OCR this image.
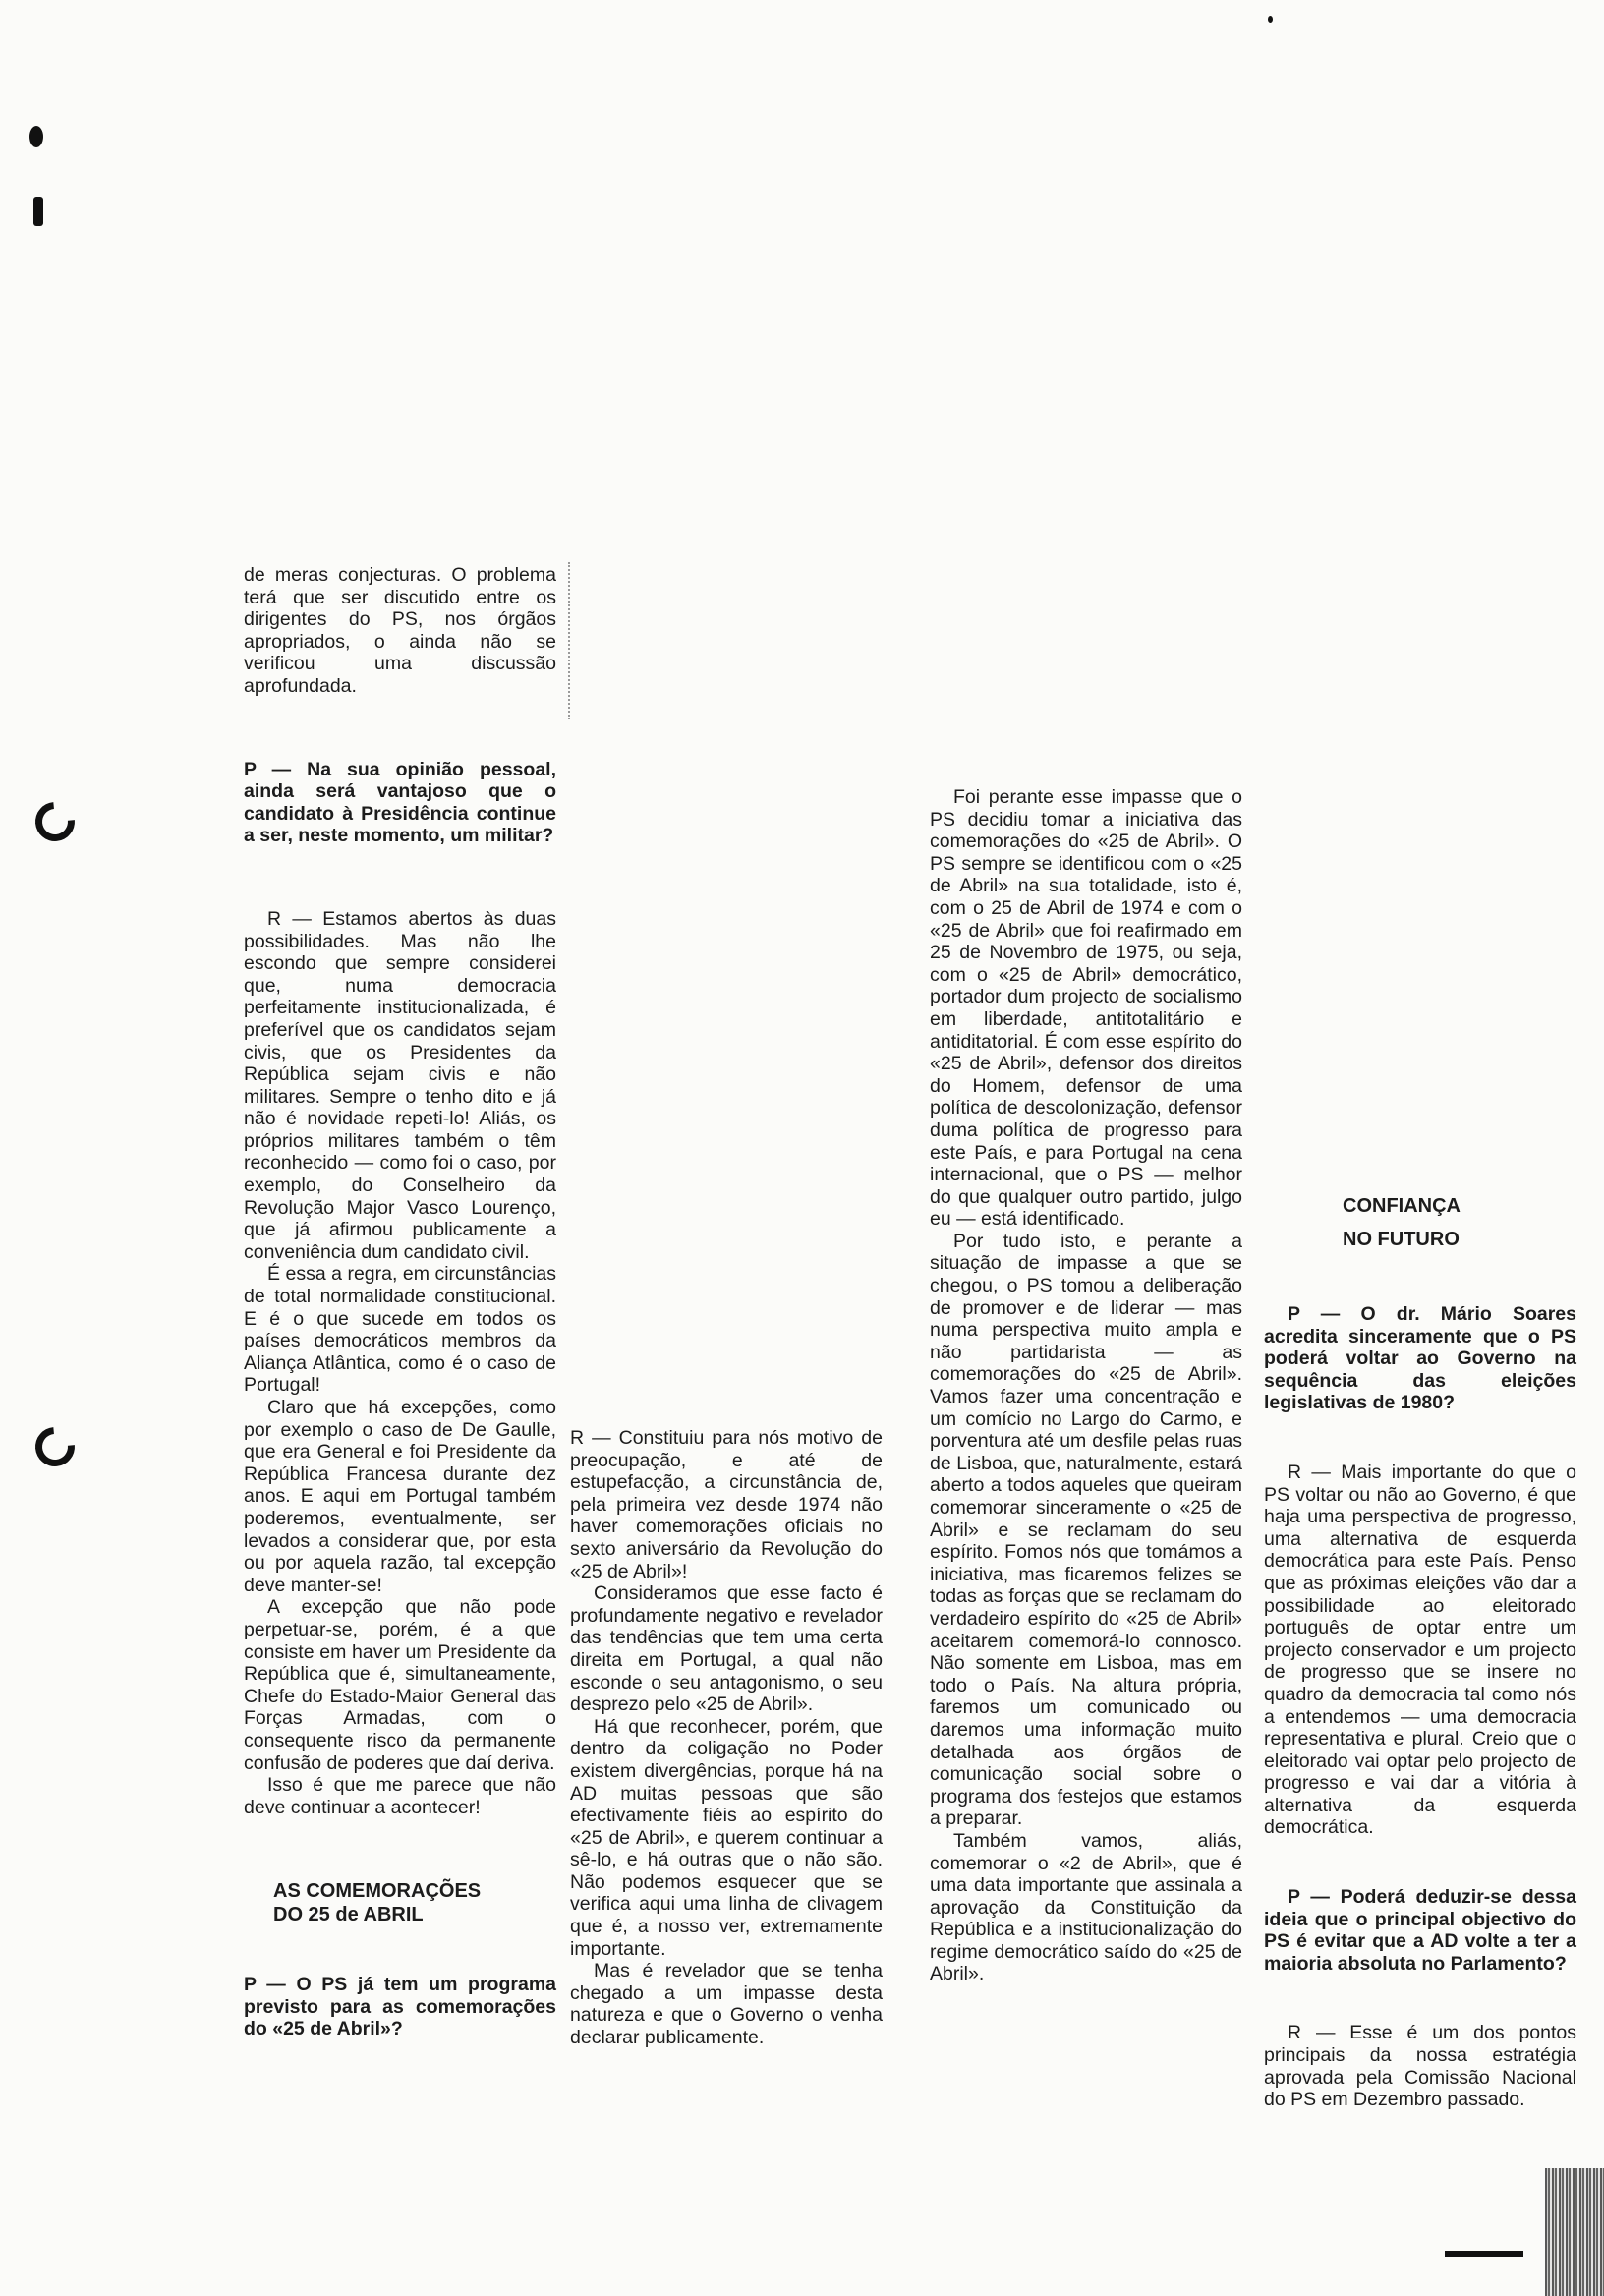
de meras conjecturas. O problema terá que ser discutido entre os dirigentes do PS, nos órgãos apropriados, o ainda não se verificou uma discussão aprofundada.

P — Na sua opinião pessoal, ainda será vantajoso que o candidato à Presidência continue a ser, neste momento, um militar?

R — Estamos abertos às duas possibilidades. Mas não lhe escondo que sempre considerei que, numa democracia perfeitamente institucionalizada, é preferível que os candidatos sejam civis, que os Presidentes da República sejam civis e não militares. Sempre o tenho dito e já não é novidade repeti-lo! Aliás, os próprios militares também o têm reconhecido — como foi o caso, por exemplo, do Conselheiro da Revolução Major Vasco Lourenço, que já afirmou publicamente a conveniência dum candidato civil.

É essa a regra, em circunstâncias de total normalidade constitucional. E é o que sucede em todos os países democráticos membros da Aliança Atlântica, como é o caso de Portugal!

Claro que há excepções, como por exemplo o caso de De Gaulle, que era General e foi Presidente da República Francesa durante dez anos. E aqui em Portugal também poderemos, eventualmente, ser levados a considerar que, por esta ou por aquela razão, tal excepção deve manter-se!

A excepção que não pode perpetuar-se, porém, é a que consiste em haver um Presidente da República que é, simultaneamente, Chefe do Estado-Maior General das Forças Armadas, com o consequente risco da permanente confusão de poderes que daí deriva.

Isso é que me parece que não deve continuar a acontecer!

AS COMEMORAÇÕES
DO 25 de ABRIL

P — O PS já tem um programa previsto para as comemorações do «25 de Abril»?

R — Constituiu para nós motivo de preocupação, e até de estupefacção, a circunstância de, pela primeira vez desde 1974 não haver comemorações oficiais no sexto aniversário da Revolução do «25 de Abril»!

Consideramos que esse facto é profundamente negativo e revelador das tendências que tem uma certa direita em Portugal, a qual não esconde o seu antagonismo, o seu desprezo pelo «25 de Abril».

Há que reconhecer, porém, que dentro da coligação no Poder existem divergências, porque há na AD muitas pessoas que são efectivamente fiéis ao espírito do «25 de Abril», e querem continuar a sê-lo, e há outras que o não são. Não podemos esquecer que se verifica aqui uma linha de clivagem que é, a nosso ver, extremamente importante.

Mas é revelador que se tenha chegado a um impasse desta natureza e que o Governo o venha declarar publicamente.

Foi perante esse impasse que o PS decidiu tomar a iniciativa das comemorações do «25 de Abril». O PS sempre se identificou com o «25 de Abril» na sua totalidade, isto é, com o 25 de Abril de 1974 e com o «25 de Abril» que foi reafirmado em 25 de Novembro de 1975, ou seja, com o «25 de Abril» democrático, portador dum projecto de socialismo em liberdade, antitotalitário e antiditatorial. É com esse espírito do «25 de Abril», defensor dos direitos do Homem, defensor de uma política de descolonização, defensor duma política de progresso para este País, e para Portugal na cena internacional, que o PS — melhor do que qualquer outro partido, julgo eu — está identificado.

Por tudo isto, e perante a situação de impasse a que se chegou, o PS tomou a deliberação de promover e de liderar — mas numa perspectiva muito ampla e não partidarista — as comemorações do «25 de Abril». Vamos fazer uma concentração e um comício no Largo do Carmo, e porventura até um desfile pelas ruas de Lisboa, que, naturalmente, estará aberto a todos aqueles que queiram comemorar sinceramente o «25 de Abril» e se reclamam do seu espírito. Fomos nós que tomámos a iniciativa, mas ficaremos felizes se todas as forças que se reclamam do verdadeiro espírito do «25 de Abril» aceitarem comemorá-lo connosco. Não somente em Lisboa, mas em todo o País. Na altura própria, faremos um comunicado ou daremos uma informação muito detalhada aos órgãos de comunicação social sobre o programa dos festejos que estamos a preparar.

Também vamos, aliás, comemorar o «2 de Abril», que é uma data importante que assinala a aprovação da Constituição da República e a institucionalização do regime democrático saído do «25 de Abril».

CONFIANÇA
NO FUTURO

P — O dr. Mário Soares acredita sinceramente que o PS poderá voltar ao Governo na sequência das eleições legislativas de 1980?

R — Mais importante do que o PS voltar ou não ao Governo, é que haja uma perspectiva de progresso, uma alternativa de esquerda democrática para este País. Penso que as próximas eleições vão dar a possibilidade ao eleitorado português de optar entre um projecto conservador e um projecto de progresso que se insere no quadro da democracia tal como nós a entendemos — uma democracia representativa e plural. Creio que o eleitorado vai optar pelo projecto de progresso e vai dar a vitória à alternativa da esquerda democrática.

P — Poderá deduzir-se dessa ideia que o principal objectivo do PS é evitar que a AD volte a ter a maioria absoluta no Parlamento?

R — Esse é um dos pontos principais da nossa estratégia aprovada pela Comissão Nacional do PS em Dezembro passado.
